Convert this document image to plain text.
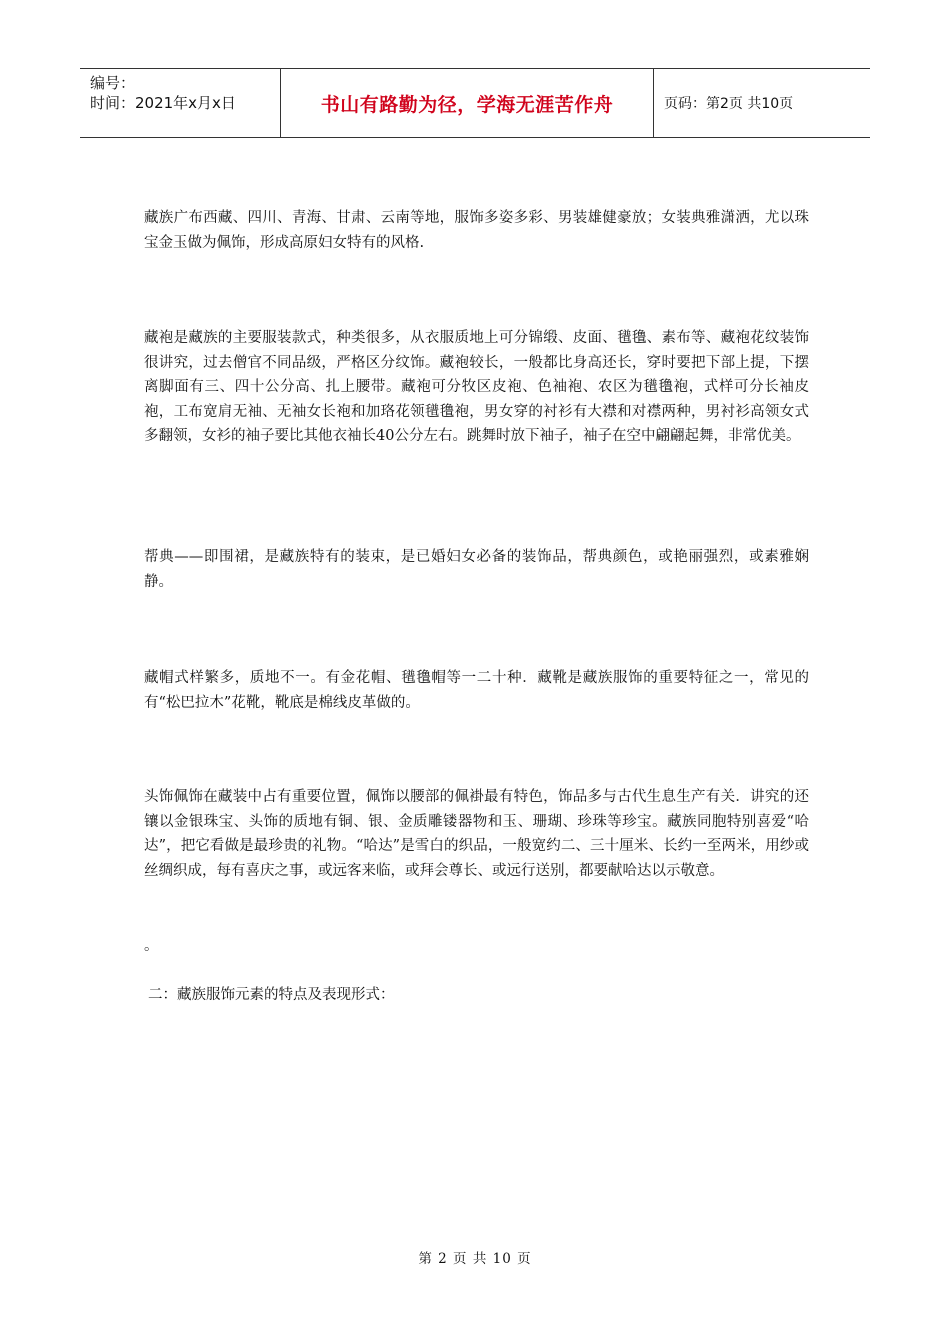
编号：
时间：2021年x月x日	书山有路勤为径，学海无涯苦作舟	页码：第2页 共10页
藏族广布西藏、四川、青海、甘肃、云南等地，服饰多姿多彩、男装雄健豪放；女装典雅潇洒，尤以珠宝金玉做为佩饰，形成高原妇女特有的风格.
藏袍是藏族的主要服装款式，种类很多，从衣服质地上可分锦缎、皮面、氆氇、素布等、藏袍花纹装饰很讲究，过去僧官不同品级，严格区分纹饰。藏袍较长，一般都比身高还长，穿时要把下部上提，下摆离脚面有三、四十公分高、扎上腰带。藏袍可分牧区皮袍、色袖袍、农区为氆氇袍，式样可分长袖皮袍，工布宽肩无袖、无袖女长袍和加珞花领氆氇袍，男女穿的衬衫有大襟和对襟两种，男衬衫高领女式多翻领，女衫的袖子要比其他衣袖长40公分左右。跳舞时放下袖子，袖子在空中翩翩起舞，非常优美。
帮典——即围裙，是藏族特有的装束，是已婚妇女必备的装饰品，帮典颜色，或艳丽强烈，或素雅娴静。
藏帽式样繁多，质地不一。有金花帽、氆氇帽等一二十种．藏靴是藏族服饰的重要特征之一，常见的有“松巴拉木”花靴，靴底是棉线皮革做的。
头饰佩饰在藏装中占有重要位置，佩饰以腰部的佩褂最有特色，饰品多与古代生息生产有关．讲究的还镶以金银珠宝、头饰的质地有铜、银、金质雕镂器物和玉、珊瑚、珍珠等珍宝。藏族同胞特别喜爱“哈达”，把它看做是最珍贵的礼物。“哈达”是雪白的织品，一般宽约二、三十厘米、长约一至两米，用纱或丝绸织成，每有喜庆之事，或远客来临，或拜会尊长、或远行送别，都要献哈达以示敬意。
。
二：藏族服饰元素的特点及表现形式：
第 2 页 共 10 页
